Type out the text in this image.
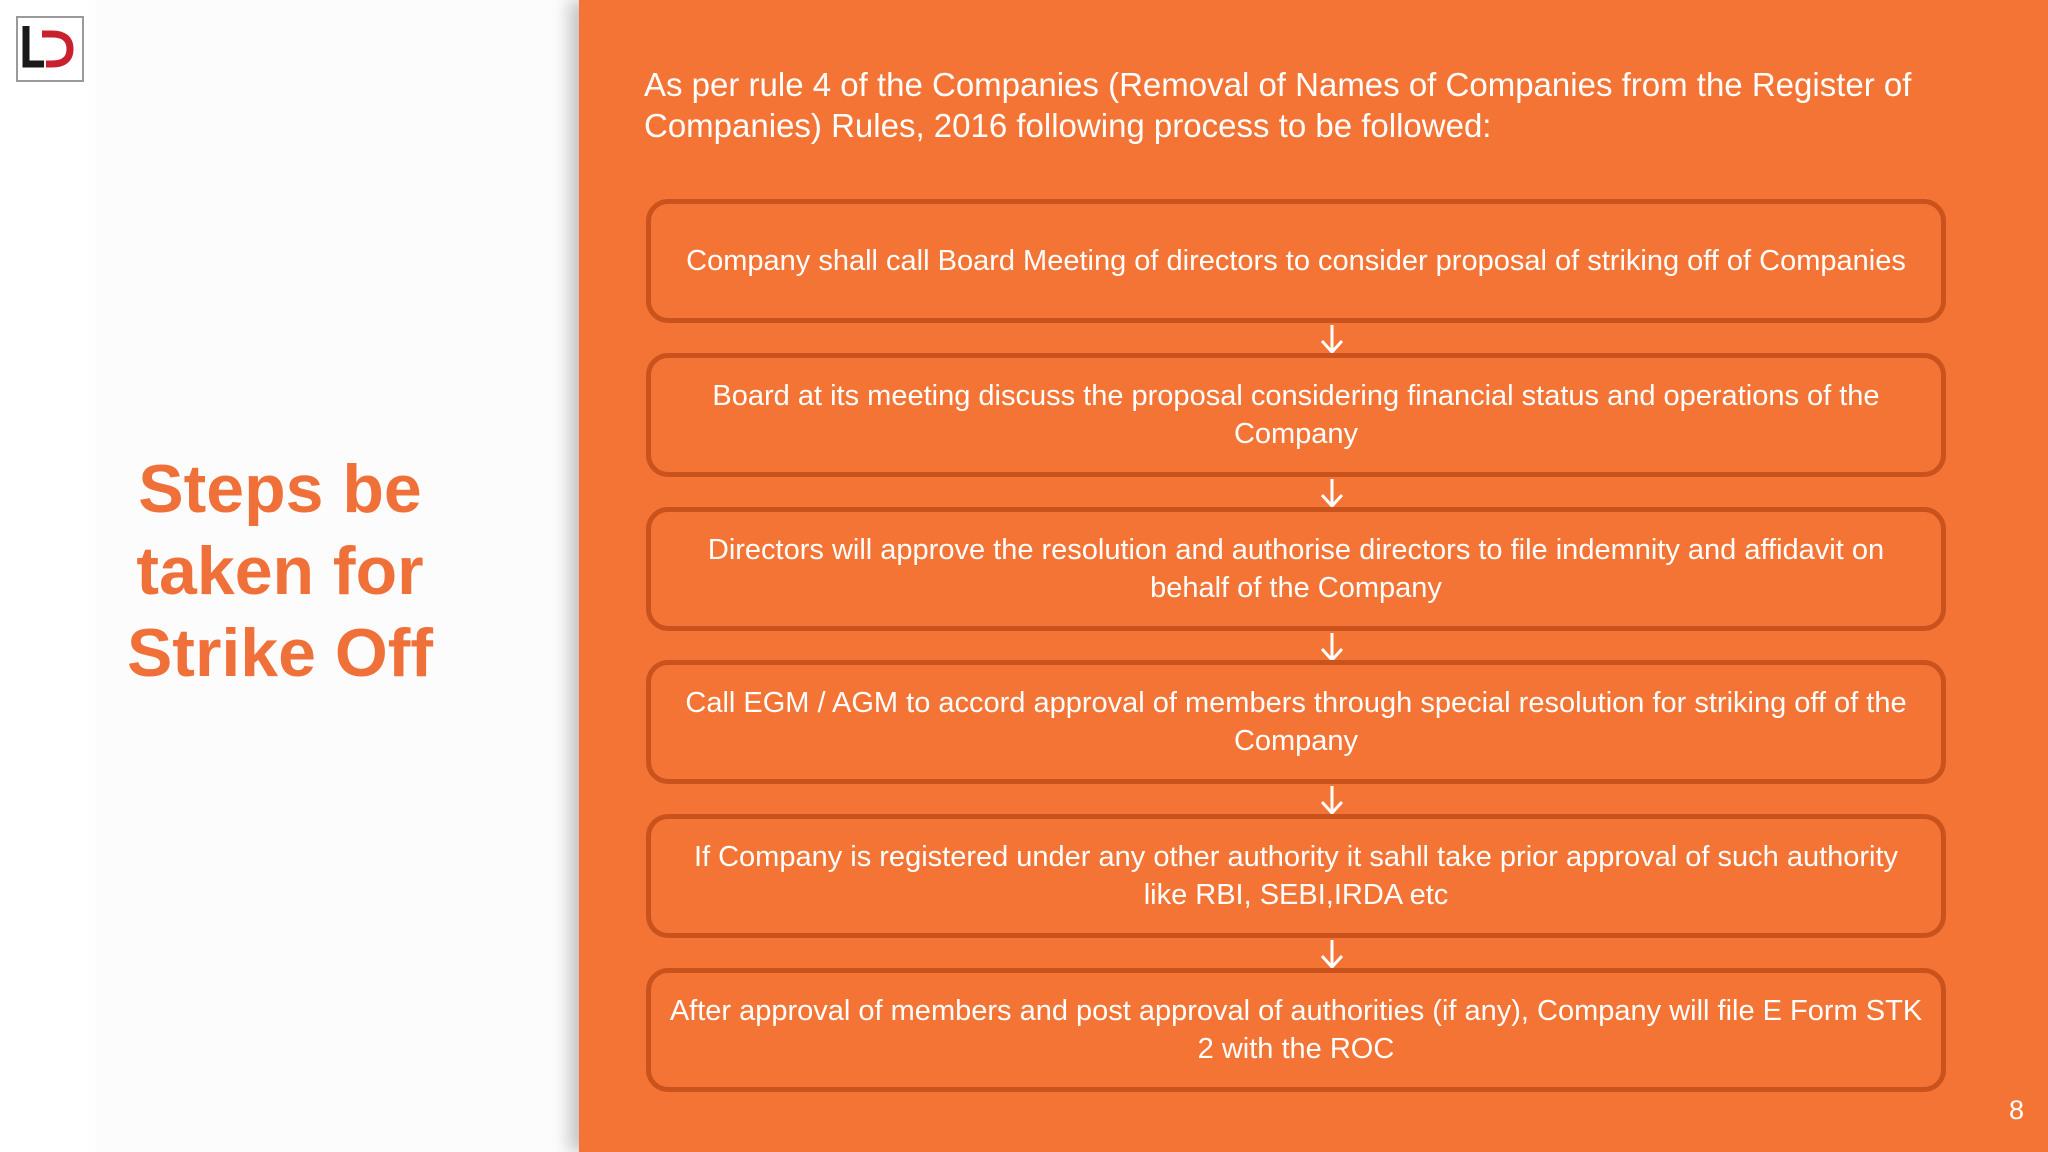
Steps be taken for Strike Off

As per rule 4 of the Companies (Removal of Names of Companies from the Register of Companies) Rules, 2016 following process to be followed:

Company shall call Board Meeting of directors to consider proposal of striking off of Companies

Board at its meeting discuss the proposal considering financial status and operations of the Company

Directors will approve the resolution and authorise directors to file indemnity and affidavit on behalf of the Company

Call EGM / AGM to accord approval of members through special resolution for striking off of the Company

If Company is registered under any other authority it sahll take prior approval of such authority like RBI, SEBI,IRDA etc

After approval of members and post approval of authorities (if any), Company will file E Form STK 2 with the ROC

8
